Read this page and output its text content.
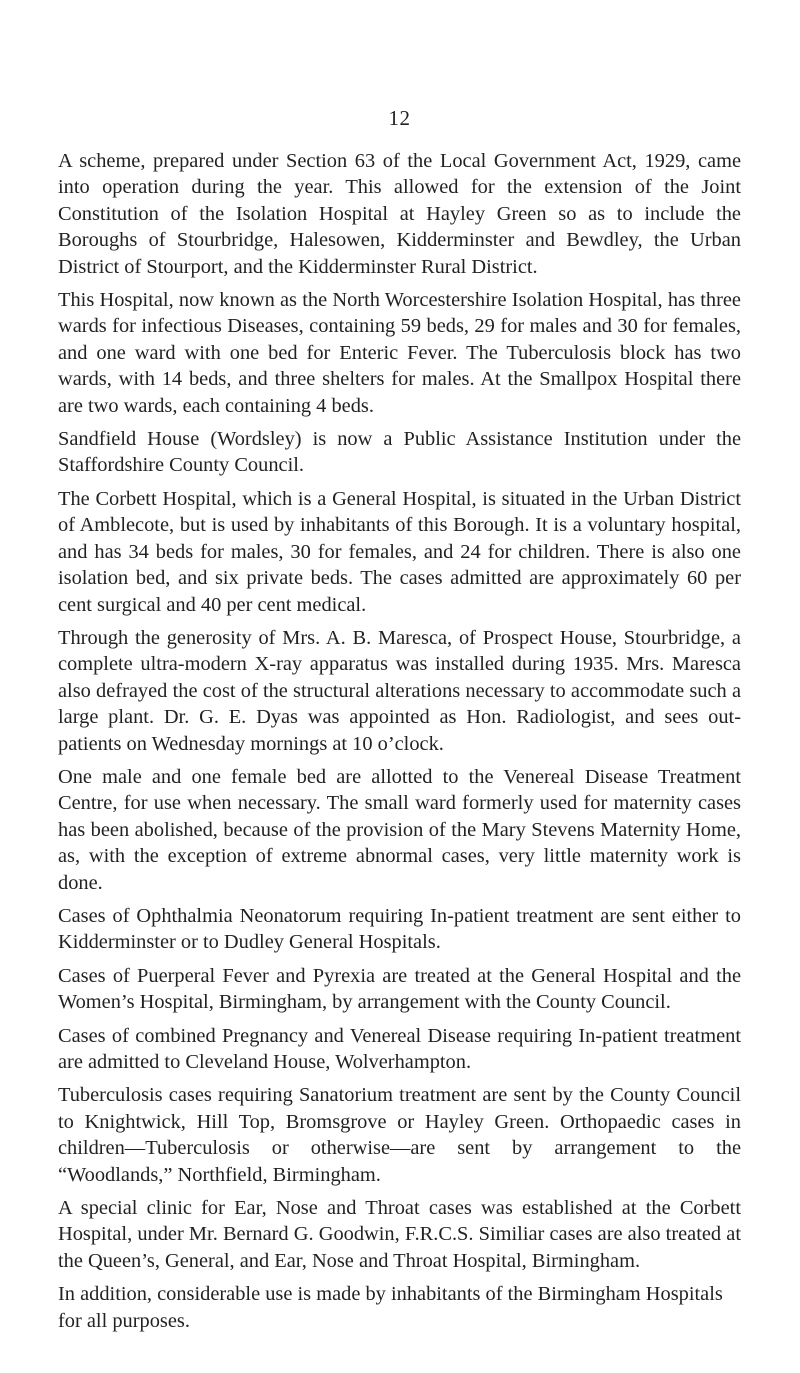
12

A scheme, prepared under Section 63 of the Local Government Act, 1929, came into operation during the year. This allowed for the extension of the Joint Constitution of the Isolation Hospital at Hayley Green so as to include the Boroughs of Stourbridge, Halesowen, Kidderminster and Bewdley, the Urban District of Stourport, and the Kidderminster Rural District.

This Hospital, now known as the North Worcestershire Isolation Hospital, has three wards for infectious Diseases, containing 59 beds, 29 for males and 30 for females, and one ward with one bed for Enteric Fever. The Tuberculosis block has two wards, with 14 beds, and three shelters for males. At the Smallpox Hospital there are two wards, each containing 4 beds.

Sandfield House (Wordsley) is now a Public Assistance Institution under the Staffordshire County Council.

The Corbett Hospital, which is a General Hospital, is situated in the Urban District of Amblecote, but is used by inhabitants of this Borough. It is a voluntary hospital, and has 34 beds for males, 30 for females, and 24 for children. There is also one isolation bed, and six private beds. The cases admitted are approximately 60 per cent surgical and 40 per cent medical.

Through the generosity of Mrs. A. B. Maresca, of Prospect House, Stourbridge, a complete ultra-modern X-ray apparatus was installed during 1935. Mrs. Maresca also defrayed the cost of the structural alterations necessary to accommodate such a large plant. Dr. G. E. Dyas was appointed as Hon. Radiologist, and sees out-patients on Wednesday mornings at 10 o’clock.

One male and one female bed are allotted to the Venereal Disease Treatment Centre, for use when necessary. The small ward formerly used for maternity cases has been abolished, because of the provision of the Mary Stevens Maternity Home, as, with the exception of extreme abnormal cases, very little maternity work is done.

Cases of Ophthalmia Neonatorum requiring In-patient treatment are sent either to Kidderminster or to Dudley General Hospitals.

Cases of Puerperal Fever and Pyrexia are treated at the General Hospital and the Women’s Hospital, Birmingham, by arrangement with the County Council.

Cases of combined Pregnancy and Venereal Disease requiring In-patient treatment are admitted to Cleveland House, Wolverhampton.

Tuberculosis cases requiring Sanatorium treatment are sent by the County Council to Knightwick, Hill Top, Bromsgrove or Hayley Green. Orthopaedic cases in children—Tuberculosis or otherwise—are sent by arrangement to the “Woodlands,” Northfield, Birmingham.

A special clinic for Ear, Nose and Throat cases was established at the Corbett Hospital, under Mr. Bernard G. Goodwin, F.R.C.S. Similiar cases are also treated at the Queen’s, General, and Ear, Nose and Throat Hospital, Birmingham.

In addition, considerable use is made by inhabitants of the Birmingham Hospitals for all purposes.
